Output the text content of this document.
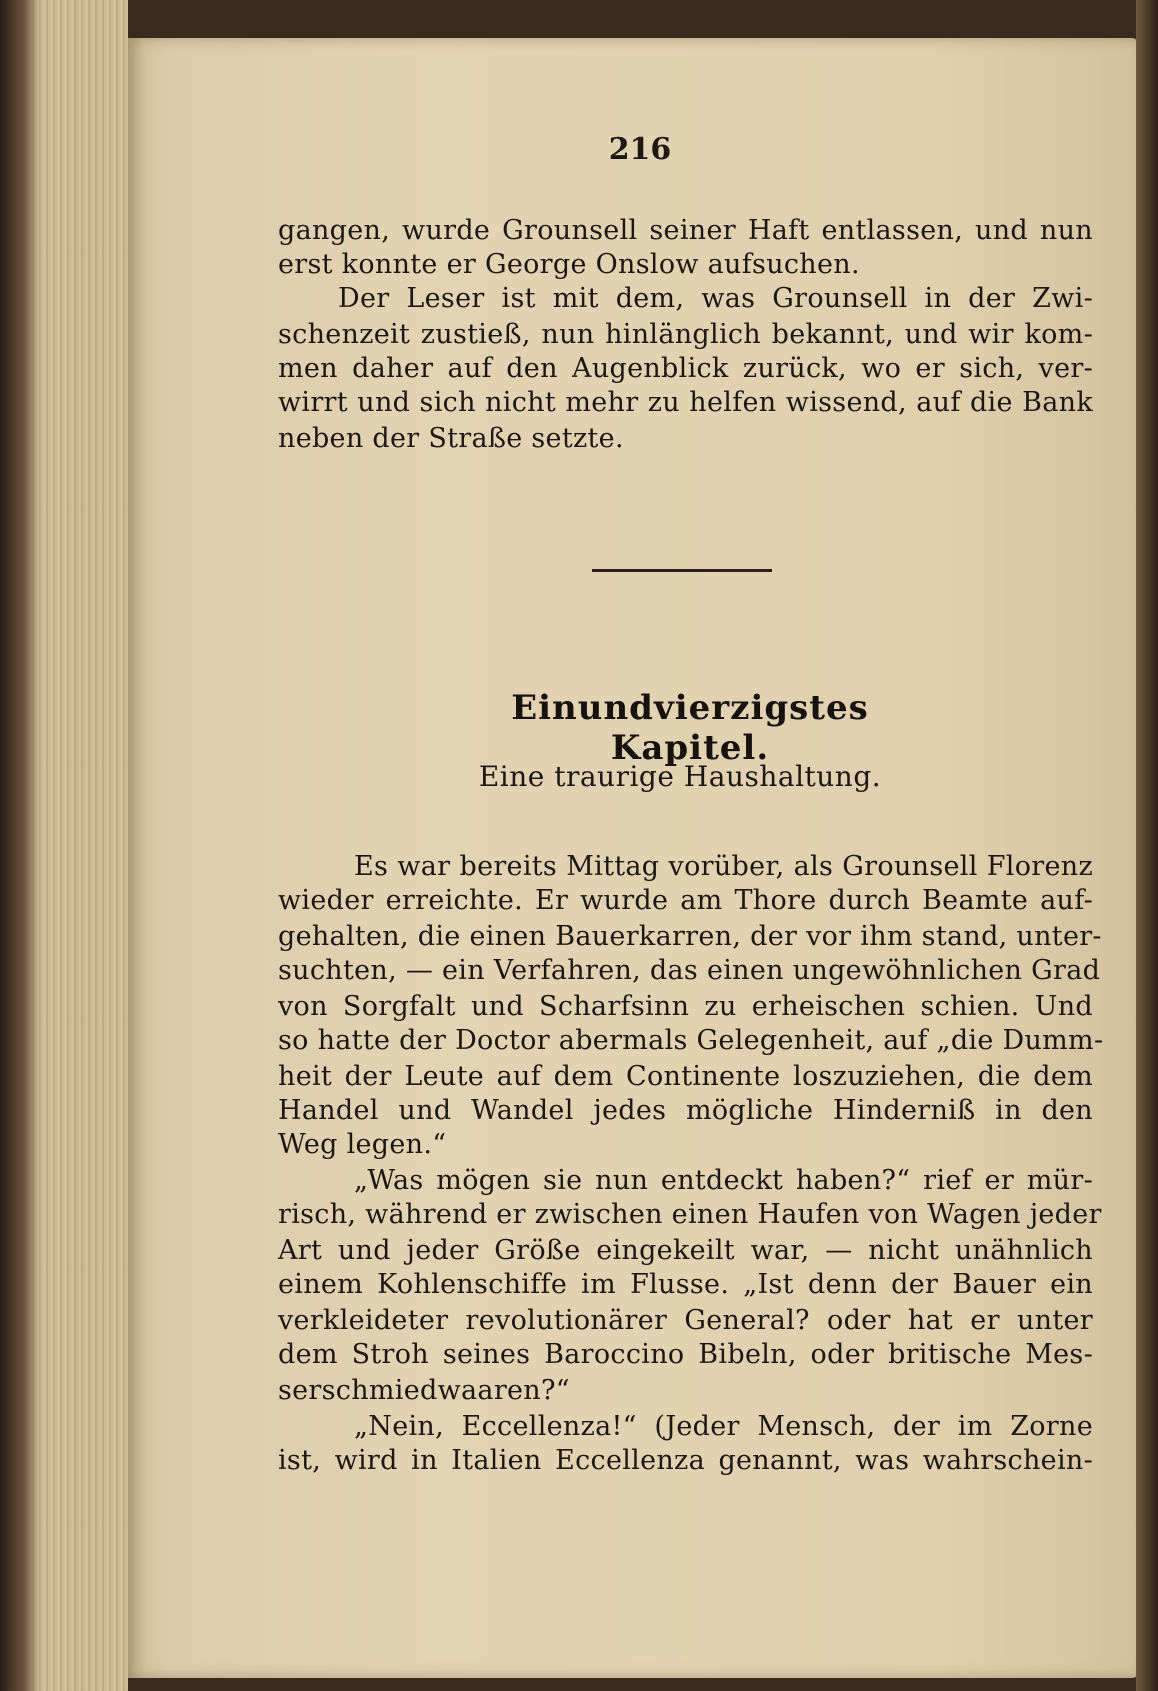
216
gangen, wurde Grounsell seiner Haft entlassen, und nun
erst konnte er George Onslow aufsuchen.
Der Leser ist mit dem, was Grounsell in der Zwi-
schenzeit zustieß, nun hinlänglich bekannt, und wir kom-
men daher auf den Augenblick zurück, wo er sich, ver-
wirrt und sich nicht mehr zu helfen wissend, auf die Bank
neben der Straße setzte.
Einundvierzigstes Kapitel.
Eine traurige Haushaltung.
Es war bereits Mittag vorüber, als Grounsell Florenz
wieder erreichte. Er wurde am Thore durch Beamte auf-
gehalten, die einen Bauerkarren, der vor ihm stand, unter-
suchten, — ein Verfahren, das einen ungewöhnlichen Grad
von Sorgfalt und Scharfsinn zu erheischen schien. Und
so hatte der Doctor abermals Gelegenheit, auf „die Dumm-
heit der Leute auf dem Continente loszuziehen, die dem
Handel und Wandel jedes mögliche Hinderniß in den
Weg legen.“
„Was mögen sie nun entdeckt haben?“ rief er mür-
risch, während er zwischen einen Haufen von Wagen jeder
Art und jeder Größe eingekeilt war, — nicht unähnlich
einem Kohlenschiffe im Flusse. „Ist denn der Bauer ein
verkleideter revolutionärer General? oder hat er unter
dem Stroh seines Baroccino Bibeln, oder britische Mes-
serschmiedwaaren?“
„Nein, Eccellenza!“ (Jeder Mensch, der im Zorne
ist, wird in Italien Eccellenza genannt, was wahrschein-
